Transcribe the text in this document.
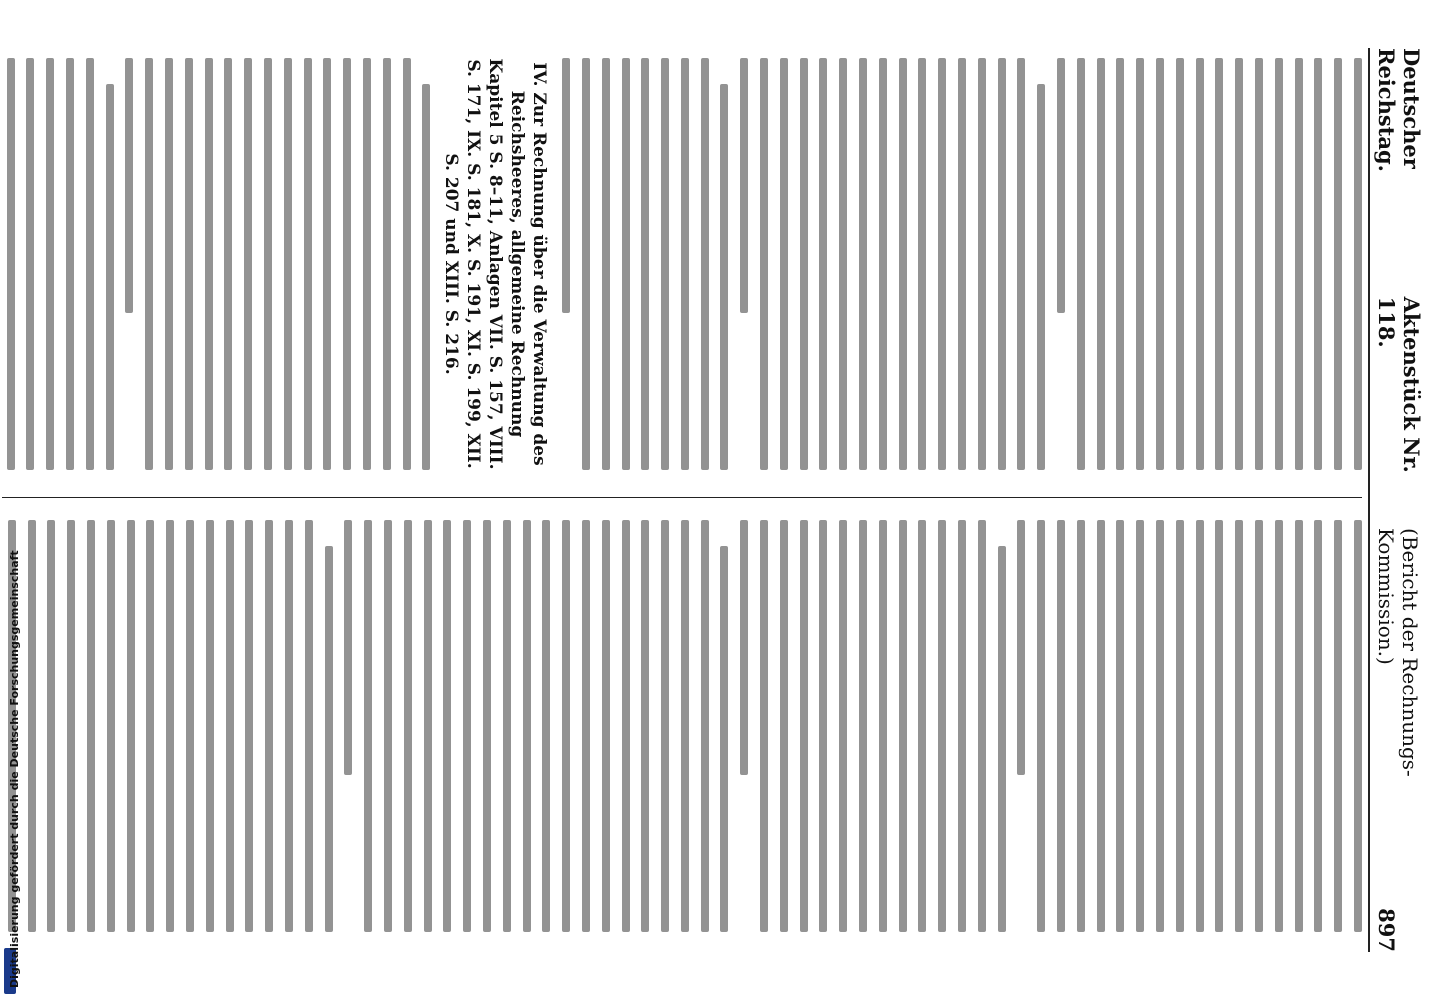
Deutscher Reichstag.
Aktenstück Nr. 118.
(Bericht der Rechnungs-Kommission.)
897
IV. Zur Rechnung über die Verwaltung des Reichsheeres, allgemeine Rechnung Kapitel 5 S. 8–11, Anlagen VII. S. 157, VIII. S. 171, IX. S. 181, X. S. 191, XI. S. 199, XII. S. 207 und XIII. S. 216.
Digitalisierung gefördert durch die Deutsche Forschungsgemeinschaft
